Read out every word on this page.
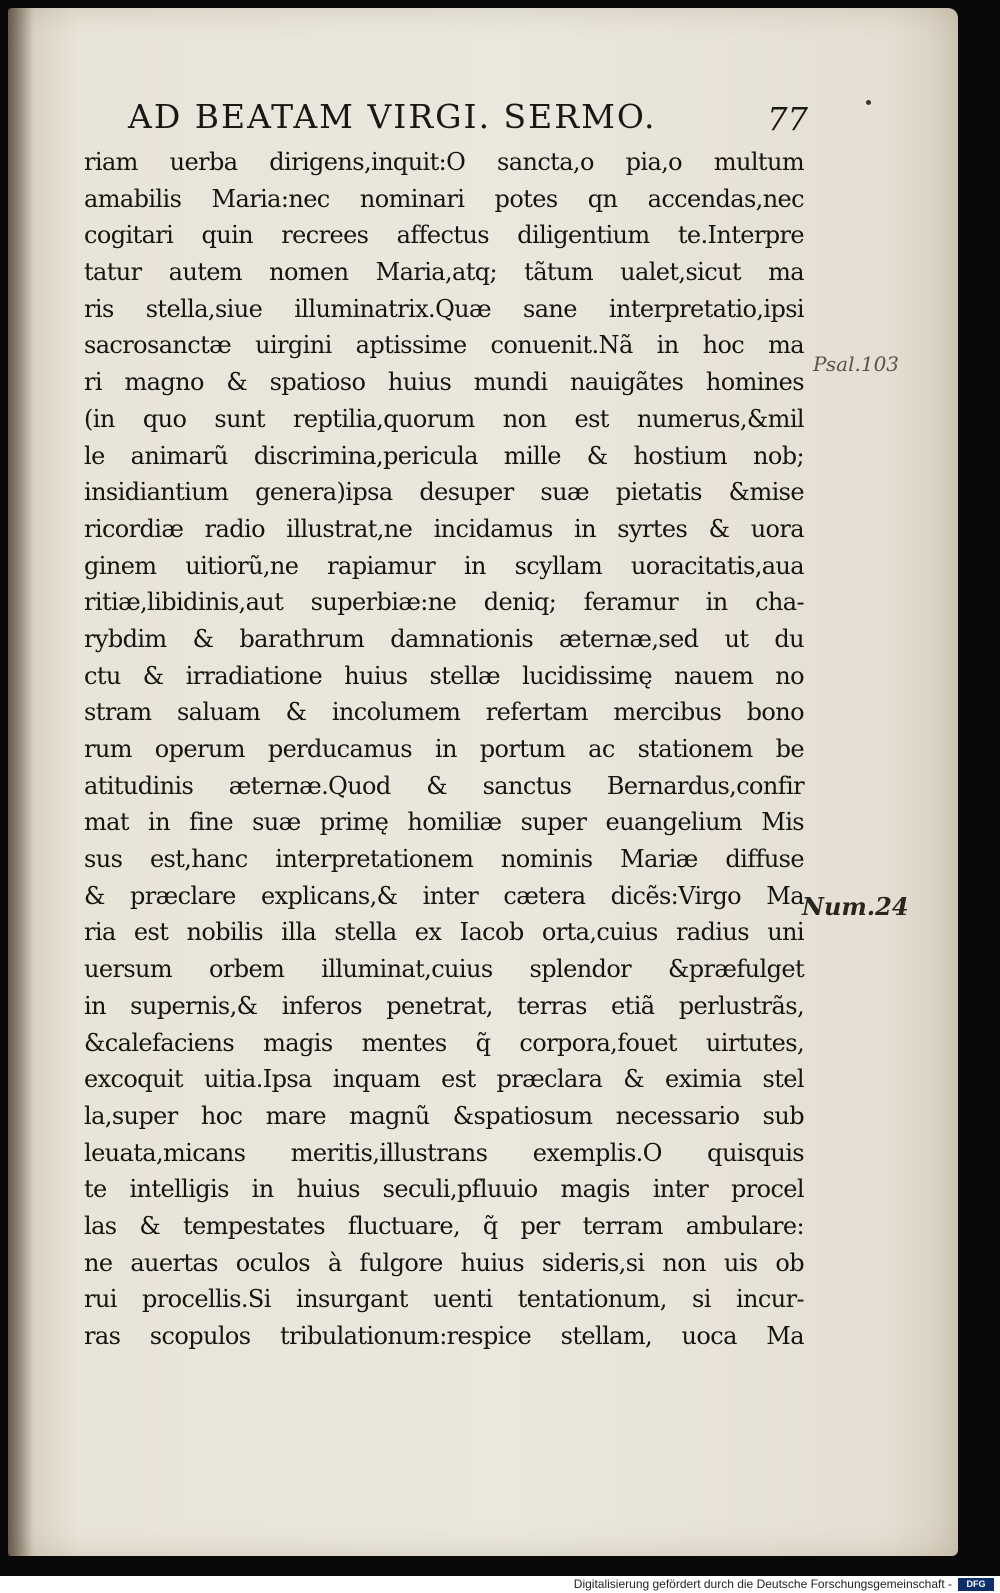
AD BEATAM VIRGI. SERMO.	77
riam uerba dirigens,inquit:O sancta,o pia,o multum
amabilis Maria:nec nominari potes qn accendas,nec
cogitari quin recrees affectus diligentium te.Interpre
tatur autem nomen Maria,atq; tãtum ualet,sicut ma
ris stella,siue illuminatrix.Quæ sane interpretatio,ipsi
sacrosanctæ uirgini aptissime conuenit.Nã in hoc ma
ri magno & spatioso huius mundi nauigãtes homines
(in quo sunt reptilia,quorum non est numerus,&mil
le animarũ discrimina,pericula mille & hostium nob;
insidiantium genera)ipsa desuper suæ pietatis &mise
ricordiæ radio illustrat,ne incidamus in syrtes & uora
ginem uitiorũ,ne rapiamur in scyllam uoracitatis,aua
ritiæ,libidinis,aut superbiæ:ne deniq; feramur in cha-
rybdim & barathrum damnationis æternæ,sed ut du
ctu & irradiatione huius stellæ lucidissimę nauem no
stram saluam & incolumem refertam mercibus bono
rum operum perducamus in portum ac stationem be
atitudinis æternæ.Quod & sanctus Bernardus,confir
mat in fine suæ primę homiliæ super euangelium Mis
sus est,hanc interpretationem nominis Mariæ diffuse
& præclare explicans,& inter cætera dicẽs:Virgo Ma
ria est nobilis illa stella ex Iacob orta,cuius radius uni
uersum orbem illuminat,cuius splendor &præfulget
in supernis,& inferos penetrat, terras etiã perlustrãs,
&calefaciens magis mentes q̃ corpora,fouet uirtutes,
excoquit uitia.Ipsa inquam est præclara & eximia stel
la,super hoc mare magnũ &spatiosum necessario sub
leuata,micans meritis,illustrans exemplis.O quisquis
te intelligis in huius seculi,pfluuio magis inter procel
las & tempestates fluctuare, q̃ per terram ambulare:
ne auertas oculos à fulgore huius sideris,si non uis ob
rui procellis.Si insurgant uenti tentationum, si incur-
ras scopulos tribulationum:respice stellam, uoca Ma
Psal.103
Num.24
Digitalisierung gefördert durch die Deutsche Forschungsgemeinschaft -	DFG
